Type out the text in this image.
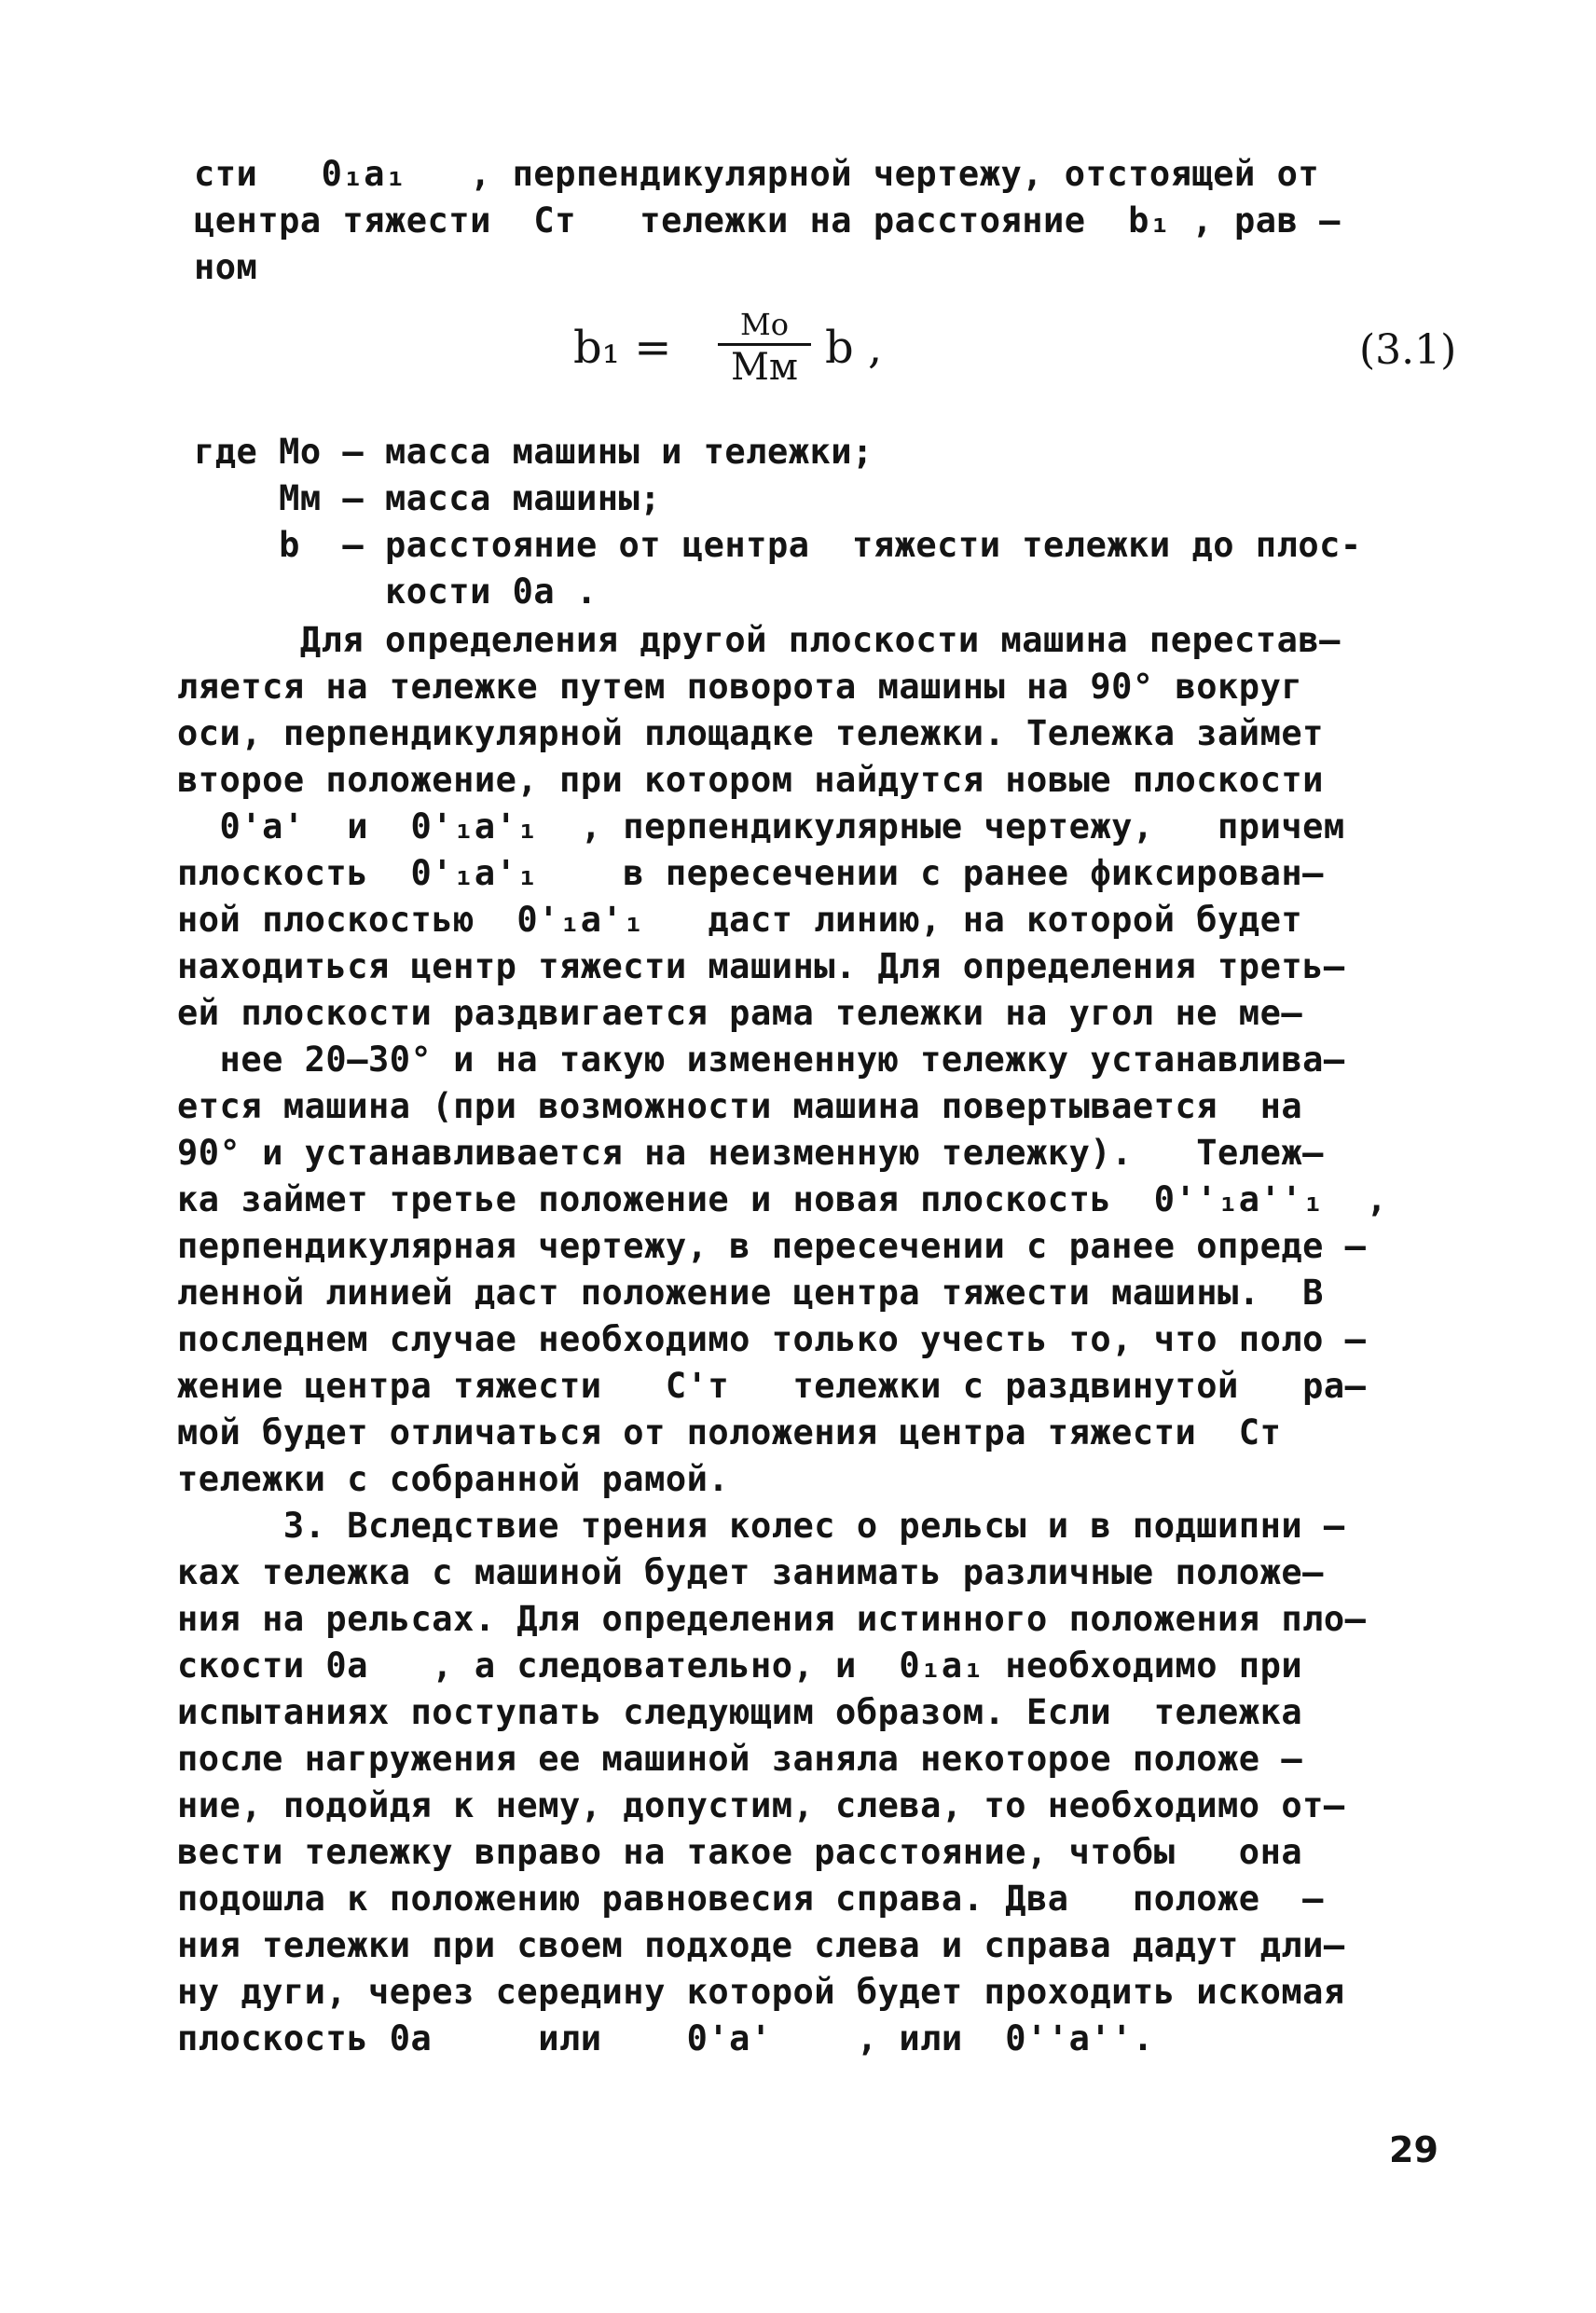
сти   0₁a₁   , перпендикулярной чертежу, отстоящей от
центра тяжести  Cт   тележки на расстояние  b₁ , рав –
ном
b₁ =	Mo
Mм b ,	(3.1)
где Mо – масса машины и тележки;
Mм – масса машины;
b  – расстояние от центра  тяжести тележки до плос-
кости 0a .
Для определения другой плоскости машина перестав–
ляется на тележке путем поворота машины на 90° вокруг
оси, перпендикулярной площадке тележки. Тележка займет
второе положение, при котором найдутся новые плоскости
0'a'  и  0'₁a'₁  , перпендикулярные чертежу,   причем
плоскость  0'₁a'₁    в пересечении с ранее фиксирован–
ной плоскостью  0'₁a'₁   даст линию, на которой будет
находиться центр тяжести машины. Для определения треть–
ей плоскости раздвигается рама тележки на угол не ме–
нее 20–30° и на такую измененную тележку устанавлива–
ется машина (при возможности машина повертывается  на
90° и устанавливается на неизменную тележку).   Тележ–
ка займет третье положение и новая плоскость  0''₁a''₁  ,
перпендикулярная чертежу, в пересечении с ранее опреде –
ленной линией даст положение центра тяжести машины.  В
последнем случае необходимо только учесть то, что поло –
жение центра тяжести   C'т   тележки с раздвинутой   ра–
мой будет отличаться от положения центра тяжести  Cт
тележки с собранной рамой.
3. Вследствие трения колес о рельсы и в подшипни –
ках тележка с машиной будет занимать различные положе–
ния на рельсах. Для определения истинного положения пло–
скости 0a   , а следовательно, и  0₁a₁ необходимо при
испытаниях поступать следующим образом. Если  тележка
после нагружения ее машиной заняла некоторое положе –
ние, подойдя к нему, допустим, слева, то необходимо от–
вести тележку вправо на такое расстояние, чтобы   она
подошла к положению равновесия справа. Два   положе  –
ния тележки при своем подходе слева и справа дадут дли–
ну дуги, через середину которой будет проходить искомая
плоскость 0a     или    0'a'    , или  0''a''.
29
